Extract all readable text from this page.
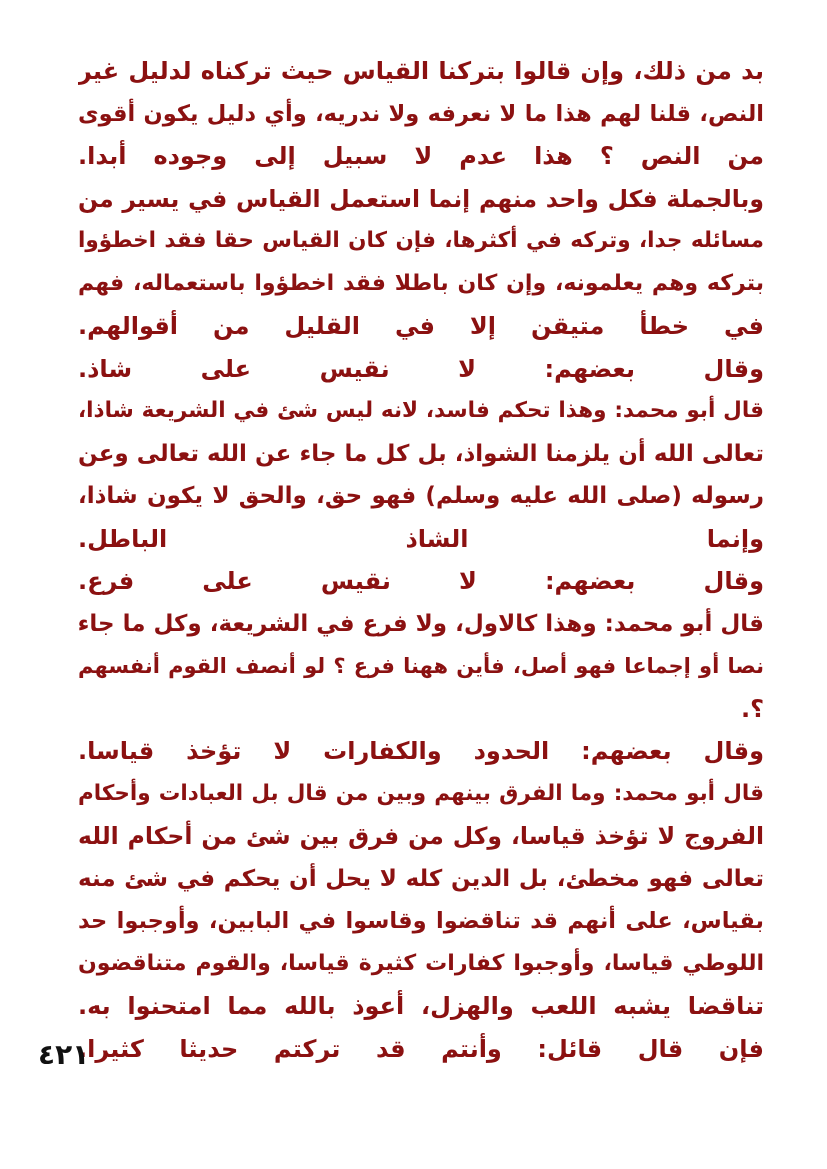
بد من ذلك، وإن قالوا بتركنا القياس حيث تركناه لدليل غير
النص، قلنا لهم هذا ما لا نعرفه ولا ندريه، وأي دليل يكون أقوى
من النص ؟ هذا عدم لا سبيل إلى وجوده أبدا.
وبالجملة فكل واحد منهم إنما استعمل القياس في يسير من
مسائله جدا، وتركه في أكثرها، فإن كان القياس حقا فقد اخطؤوا
بتركه وهم يعلمونه، وإن كان باطلا فقد اخطؤوا باستعماله، فهم
في خطأ متيقن إلا في القليل من أقوالهم.
وقال بعضهم: لا نقيس على شاذ.
قال أبو محمد: وهذا تحكم فاسد، لانه ليس شئ في الشريعة شاذا،
تعالى الله أن يلزمنا الشواذ، بل كل ما جاء عن الله تعالى وعن
رسوله (صلى الله عليه وسلم) فهو حق، والحق لا يكون شاذا،
وإنما الشاذ الباطل.
وقال بعضهم: لا نقيس على فرع.
قال أبو محمد: وهذا كالاول، ولا فرع في الشريعة، وكل ما جاء
نصا أو إجماعا فهو أصل، فأين ههنا فرع ؟ لو أنصف القوم أنفسهم
؟.
وقال بعضهم: الحدود والكفارات لا تؤخذ قياسا.
قال أبو محمد: وما الفرق بينهم وبين من قال بل العبادات وأحكام
الفروج لا تؤخذ قياسا، وكل من فرق بين شئ من أحكام الله
تعالى فهو مخطئ، بل الدين كله لا يحل أن يحكم في شئ منه
بقياس، على أنهم قد تناقضوا وقاسوا في البابين، وأوجبوا حد
اللوطي قياسا، وأوجبوا كفارات كثيرة قياسا، والقوم متناقضون
تناقضا يشبه اللعب والهزل، أعوذ بالله مما امتحنوا به.
فإن قال قائل: وأنتم قد تركتم حديثا كثيرا.
٤٢١
